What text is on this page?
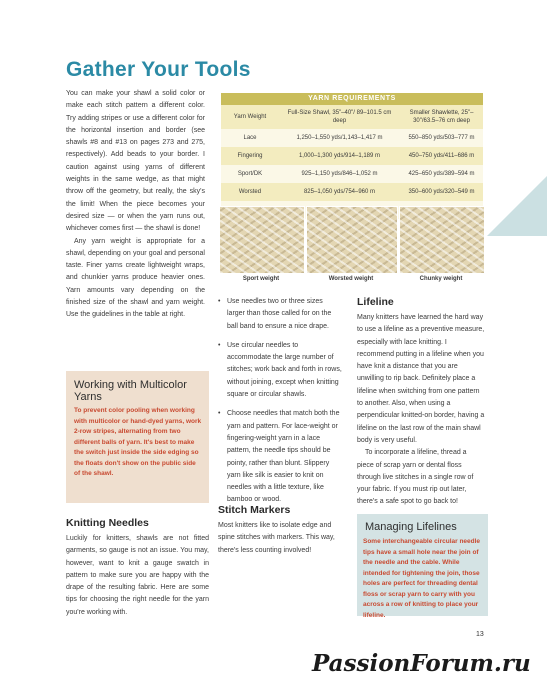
Gather Your Tools

You can make your shawl a solid color or make each stitch pattern a different color. Try adding stripes or use a different color for the horizontal insertion and border (see shawls #8 and #13 on pages 273 and 275, respectively). Add beads to your border. I caution against using yarns of different weights in the same wedge, as that might throw off the geometry, but really, the sky's the limit! When the piece becomes your desired size — or when the yarn runs out, whichever comes first — the shawl is done!

Any yarn weight is appropriate for a shawl, depending on your goal and personal taste. Finer yarns create lightweight wraps, and chunkier yarns produce heavier ones. Yarn amounts vary depending on the finished size of the shawl and yarn weight. Use the guidelines in the table at right.

Working with Multicolor Yarns
To prevent color pooling when working with multicolor or hand-dyed yarns, work 2-row stripes, alternating from two different balls of yarn. It's best to make the switch just inside the side edging so the floats don't show on the public side of the shawl.
Knitting Needles
Luckily for knitters, shawls are not fitted garments, so gauge is not an issue. You may, however, want to knit a gauge swatch in pattern to make sure you are happy with the drape of the resulting fabric. Here are some tips for choosing the right needle for the yarn you're working with.
YARN REQUIREMENTS
Yarn Weight	Full-Size Shawl, 35"–40"/ 89–101.5 cm deep	Smaller Shawlette, 25"–30"/63.5–76 cm deep
Lace	1,250–1,550 yds/1,143–1,417 m	550–850 yds/503–777 m
Fingering	1,000–1,300 yds/914–1,189 m	450–750 yds/411–686 m
Sport/DK	925–1,150 yds/846–1,052 m	425–650 yds/389–594 m
Worsted	825–1,050 yds/754–960 m	350–600 yds/320–549 m

Sport weight	Worsted weight	Chunky weight
• Use needles two or three sizes larger than those called for on the ball band to ensure a nice drape.
• Use circular needles to accommodate the large number of stitches; work back and forth in rows, without joining, except when knitting square or circular shawls.
• Choose needles that match both the yarn and pattern. For lace-weight or fingering-weight yarn in a lace pattern, the needle tips should be pointy, rather than blunt. Slippery yarn like silk is easier to knit on needles with a little texture, like bamboo or wood.
Stitch Markers
Most knitters like to isolate edge and spine stitches with markers. This way, there's less counting involved!
Lifeline
Many knitters have learned the hard way to use a lifeline as a preventive measure, especially with lace knitting. I recommend putting in a lifeline when you have knit a distance that you are unwilling to rip back. Definitely place a lifeline when switching from one pattern to another. Also, when using a perpendicular knitted-on border, having a lifeline on the last row of the main shawl body is very useful.
To incorporate a lifeline, thread a piece of scrap yarn or dental floss through live stitches in a single row of your fabric. If you must rip out later, there's a safe spot to go back to!
Managing Lifelines
Some interchangeable circular needle tips have a small hole near the join of the needle and the cable. While intended for tightening the join, those holes are perfect for threading dental floss or scrap yarn to carry with you across a row of knitting to place your lifeline.
13
PassionForum.ru
